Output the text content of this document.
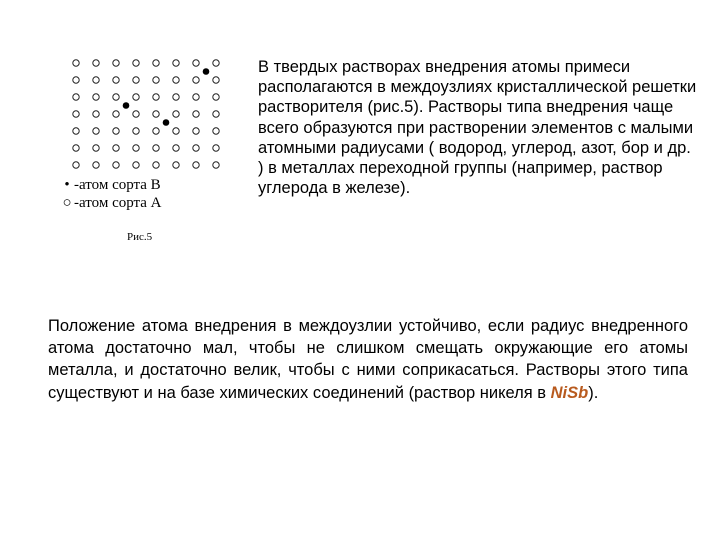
• -атом сорта В
○ -атом сорта А
Рис.5

В твердых растворах внедрения атомы примеси располагаются в междоузлиях кристаллической решетки растворителя (рис.5). Растворы типа внедрения чаще всего образуются при растворении элементов с малыми атомными радиусами ( водород, углерод, азот, бор и др. ) в металлах переходной группы (например, раствор углерода в железе).

Положение атома внедрения в междоузлии устойчиво, если радиус внедренного атома достаточно мал, чтобы не слишком смещать окружающие его атомы металла, и достаточно велик, чтобы с ними соприкасаться. Растворы этого типа существуют и на базе химических соединений (раствор никеля в NiSb).
